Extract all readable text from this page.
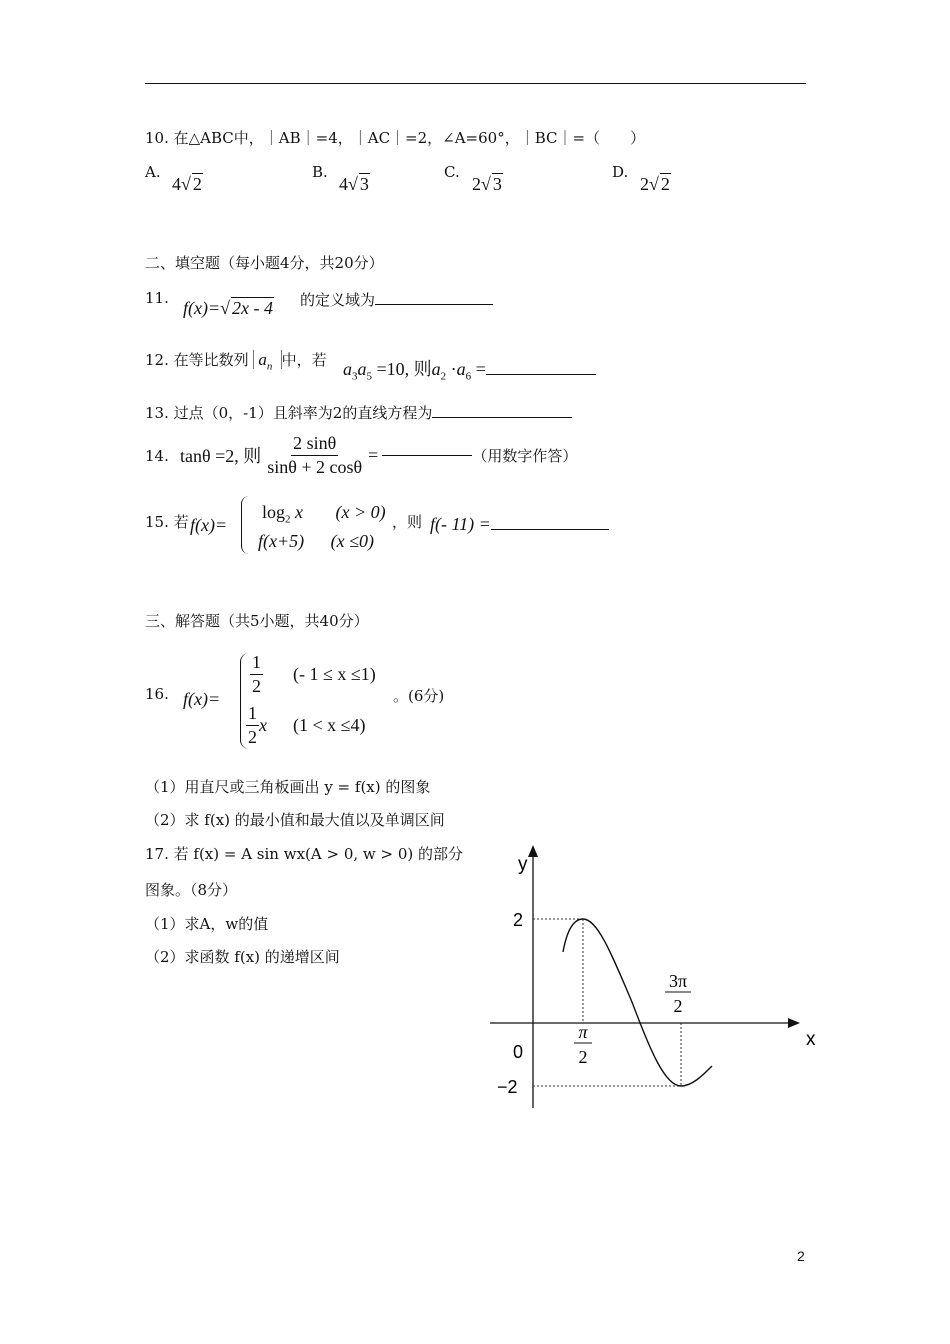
10. 在△ABC中，｜AB｜=4，｜AC｜=2，∠A=60°，｜BC｜=（　　）
A.
4√ 2
B.
4√ 3
C.
2√ 3
D.
2√ 2
二、填空题（每小题4分，共20分）
11. f(x)=√ 2x - 4 的定义域为
12. 在等比数列 $a_n$ 中，若 $a_3a_5 =10$, 则$a_2 \cdot a_6$ =
13. 过点（0，-1）且斜率为2的直线方程为
14. tanθ =2, 则 $\frac{2 \sin\theta}{\sin\theta + 2 \cos\theta}$ =	（用数字作答）
15. 若 f(x)=
$\log_2 x$ (x > 0)
f(x+5) (x ≤0)
，则 f(- 11) =
三、解答题（共5小题，共40分）
16. f(x)=
$\frac{1}{2}$ (- 1 ≤ x ≤1)
$\frac{1}{2}$ x (1 < x ≤4)
。(6分)
（1）用直尺或三角板画出 y = f(x) 的图象
（2）求 f(x) 的最小值和最大值以及单调区间
17. 若 f(x) = A sin wx(A > 0, w > 0) 的部分
图象。（8分）
（1）求A，w的值
（2）求函数 f(x) 的递增区间
y
x
0
2
−2
π
2
3π
2
2
